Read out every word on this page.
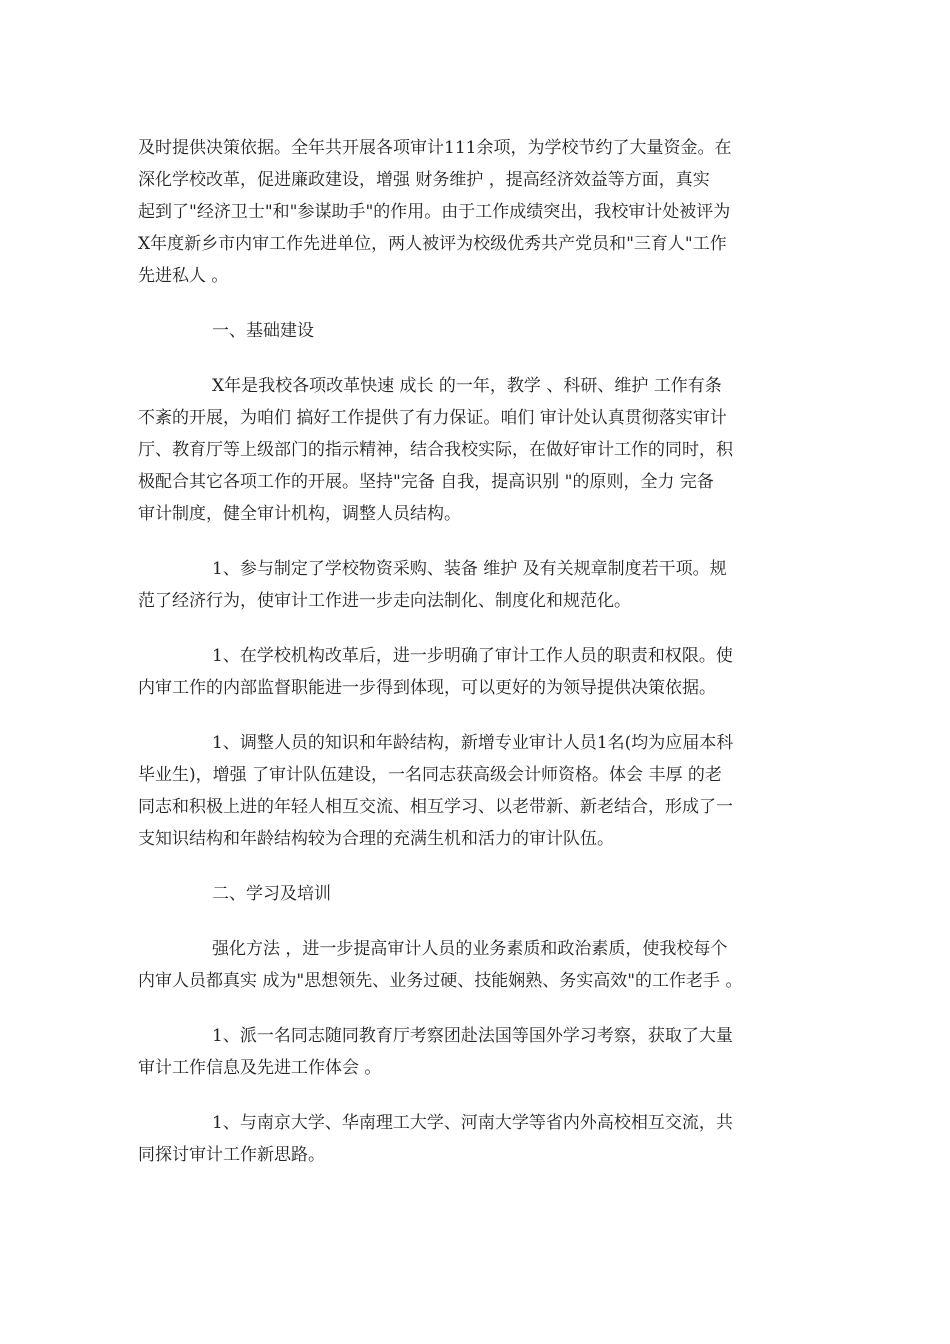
及时提供决策依据。全年共开展各项审计111余项，为学校节约了大量资金。在
深化学校改革，促进廉政建设，增强 财务维护 ，提高经济效益等方面，真实
起到了"经济卫士"和"参谋助手"的作用。由于工作成绩突出，我校审计处被评为
X年度新乡市内审工作先进单位，两人被评为校级优秀共产党员和"三育人"工作
先进私人 。
一、基础建设
X年是我校各项改革快速 成长 的一年，教学 、科研、维护 工作有条
不紊的开展，为咱们 搞好工作提供了有力保证。咱们 审计处认真贯彻落实审计
厅、教育厅等上级部门的指示精神，结合我校实际，在做好审计工作的同时，积
极配合其它各项工作的开展。坚持"完备 自我，提高识别 "的原则，全力 完备
审计制度，健全审计机构，调整人员结构。
1、参与制定了学校物资采购、装备 维护 及有关规章制度若干项。规
范了经济行为，使审计工作进一步走向法制化、制度化和规范化。
1、在学校机构改革后，进一步明确了审计工作人员的职责和权限。使
内审工作的内部监督职能进一步得到体现，可以更好的为领导提供决策依据。
1、调整人员的知识和年龄结构，新增专业审计人员1名(均为应届本科
毕业生)，增强 了审计队伍建设，一名同志获高级会计师资格。体会 丰厚 的老
同志和积极上进的年轻人相互交流、相互学习、以老带新、新老结合，形成了一
支知识结构和年龄结构较为合理的充满生机和活力的审计队伍。
二、学习及培训
强化方法 ，进一步提高审计人员的业务素质和政治素质，使我校每个
内审人员都真实 成为"思想领先、业务过硬、技能娴熟、务实高效"的工作老手 。
1、派一名同志随同教育厅考察团赴法国等国外学习考察，获取了大量
审计工作信息及先进工作体会 。
1、与南京大学、华南理工大学、河南大学等省内外高校相互交流，共
同探讨审计工作新思路。
